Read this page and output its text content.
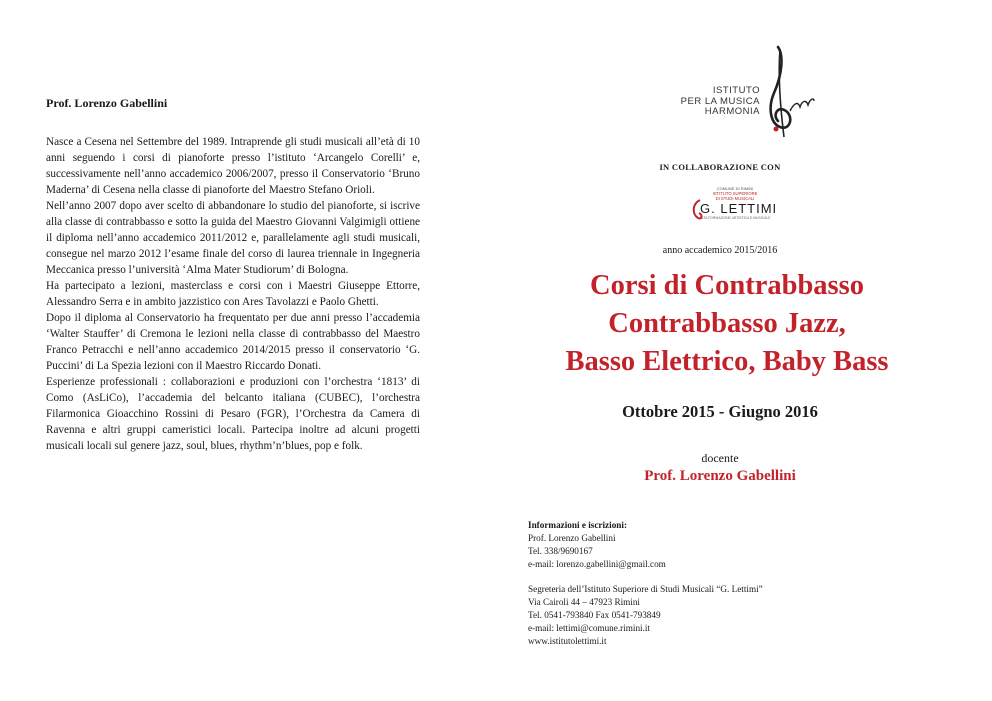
Prof. Lorenzo Gabellini

Nasce a Cesena nel Settembre del 1989. Intraprende gli studi musicali all’età di 10 anni seguendo i corsi di pianoforte presso l’istituto ‘Arcangelo Corelli’ e, successivamente nell’anno accademico 2006/2007, presso il Conservatorio ‘Bruno Maderna’ di Cesena nella classe di pianoforte del Maestro Stefano Orioli.

Nell’anno 2007 dopo aver scelto di abbandonare lo studio del pianoforte, si iscrive alla classe di contrabbasso e sotto la guida del Maestro Giovanni Valgimigli ottiene il diploma nell’anno accademico 2011/2012 e, parallelamente agli studi musicali, consegue nel marzo 2012 l’esame finale del corso di laurea triennale in Ingegneria Meccanica presso l’università ‘Alma Mater Studiorum’ di Bologna.

Ha partecipato a lezioni, masterclass e corsi con i Maestri Giuseppe Ettorre, Alessandro Serra e in ambito jazzistico con Ares Tavolazzi e Paolo Ghetti.

Dopo il diploma al Conservatorio ha frequentato per due anni presso l’accademia ‘Walter Stauffer’ di Cremona le lezioni nella classe di contrabbasso del Maestro Franco Petracchi e nell’anno accademico 2014/2015 presso il conservatorio ‘G. Puccini’ di La Spezia lezioni con il Maestro Riccardo Donati.

Esperienze professionali : collaborazioni e produzioni con l’orchestra ‘1813’ di Como (AsLiCo), l’accademia del belcanto italiana (CUBEC), l’orchestra Filarmonica Gioacchino Rossini di Pesaro (FGR), l’Orchestra da Camera di Ravenna e altri gruppi cameristici locali. Partecipa inoltre ad alcuni progetti musicali locali sul genere jazz, soul, blues, rhythm’n’blues, pop e folk.

ISTITUTO
PER LA MUSICA
HARMONIA
IN COLLABORAZIONE CON
COMUNE DI RIMINI
ISTITUTO SUPERIORE
DI STUDI MUSICALI
G. LETTIMI
ALTA FORMAZIONE ARTISTICA E MUSICALE
anno accademico 2015/2016
Corsi di Contrabbasso
Contrabbasso Jazz,
Basso Elettrico, Baby Bass
Ottobre 2015 - Giugno 2016
docente
Prof. Lorenzo Gabellini
Informazioni e iscrizioni:
Prof. Lorenzo Gabellini
Tel. 338/9690167
e-mail: lorenzo.gabellini@gmail.com
Segreteria dell’Istituto Superiore di Studi Musicali “G. Lettimi”
Via Cairoli 44 – 47923 Rimini
Tel. 0541-793840 Fax 0541-793849
e-mail: lettimi@comune.rimini.it
www.istitutolettimi.it
